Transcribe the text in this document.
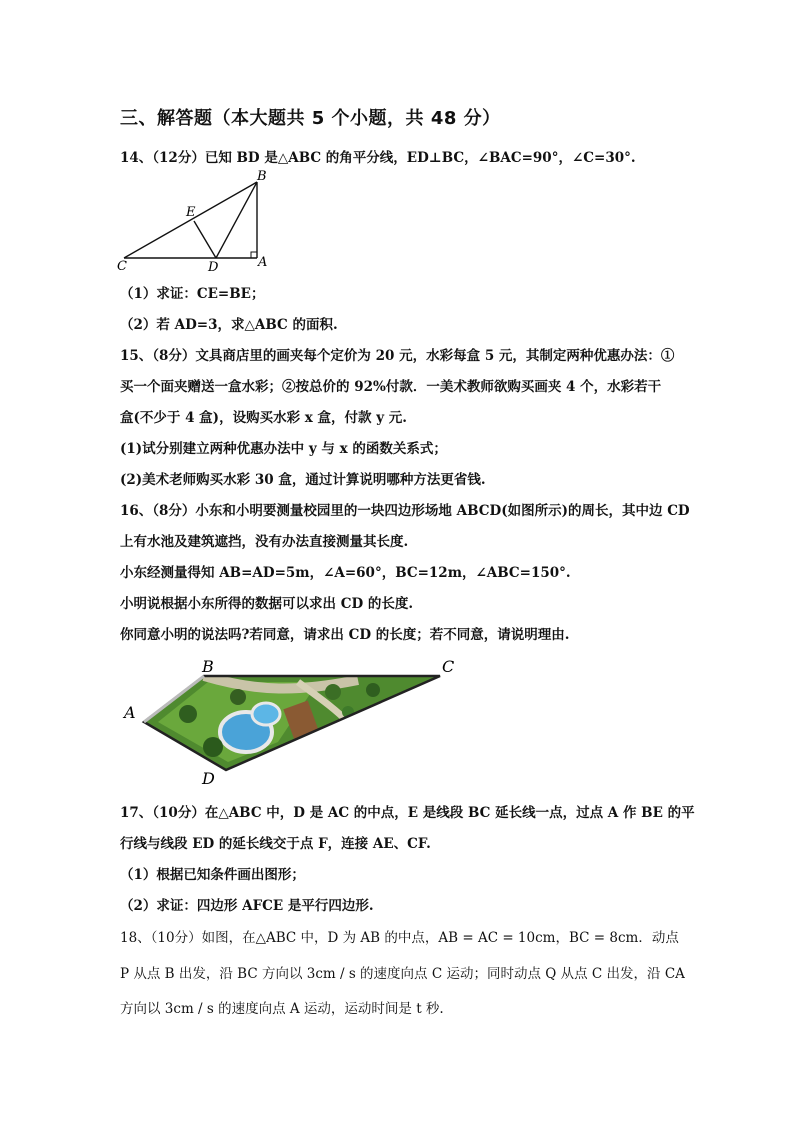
三、解答题（本大题共 5 个小题，共 48 分）
14、（12分）已知 BD 是△ABC 的角平分线，ED⊥BC，∠BAC=90°，∠C=30°.
B
E
C	D	A
（1）求证：CE=BE；
（2）若 AD=3，求△ABC 的面积.
15、（8分）文具商店里的画夹每个定价为 20 元，水彩每盒 5 元，其制定两种优惠办法：①
买一个面夹赠送一盒水彩；②按总价的 92%付款．一美术教师欲购买画夹 4 个，水彩若干
盒(不少于 4 盒)，设购买水彩 x 盒，付款 y 元.
(1)试分别建立两种优惠办法中 y 与 x 的函数关系式；
(2)美术老师购买水彩 30 盒，通过计算说明哪种方法更省钱.
16、（8分）小东和小明要测量校园里的一块四边形场地 ABCD(如图所示)的周长，其中边 CD
上有水池及建筑遮挡，没有办法直接测量其长度.
小东经测量得知 AB=AD=5m，∠A=60°，BC=12m，∠ABC=150°.
小明说根据小东所得的数据可以求出 CD 的长度.
你同意小明的说法吗?若同意，请求出 CD 的长度；若不同意，请说明理由.
B	C
A
D
17、（10分）在△ABC 中，D 是 AC 的中点，E 是线段 BC 延长线一点，过点 A 作 BE 的平
行线与线段 ED 的延长线交于点 F，连接 AE、CF.
（1）根据已知条件画出图形；
（2）求证：四边形 AFCE 是平行四边形.
18、（10分）如图，在△ABC 中，D 为 AB 的中点，AB = AC = 10cm，BC = 8cm．动点
P 从点 B 出发，沿 BC 方向以 3cm / s 的速度向点 C 运动；同时动点 Q 从点 C 出发，沿 CA
方向以 3cm / s 的速度向点 A 运动，运动时间是 t 秒.
